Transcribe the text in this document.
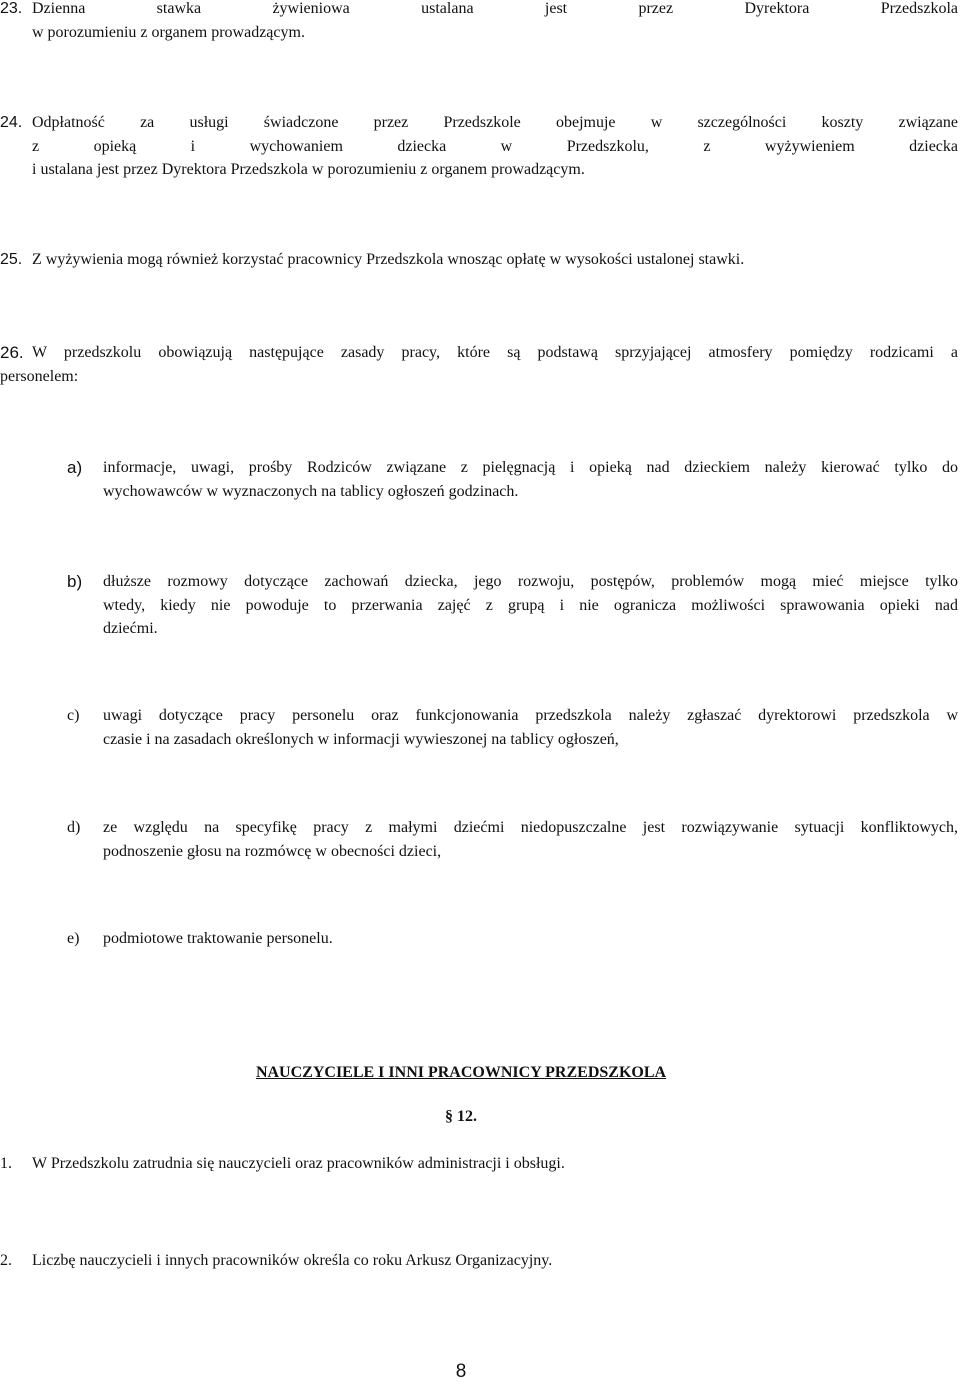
23. Dzienna stawka żywieniowa ustalana jest przez Dyrektora Przedszkola
w porozumieniu z organem prowadzącym.
24. Odpłatność za usługi świadczone przez Przedszkole obejmuje w szczególności koszty związane
z opieką i wychowaniem dziecka w Przedszkolu, z wyżywieniem dziecka
i ustalana jest przez Dyrektora Przedszkola w porozumieniu z organem prowadzącym.
25. Z wyżywienia mogą również korzystać pracownicy Przedszkola wnosząc opłatę w wysokości ustalonej stawki.
26. W przedszkolu obowiązują następujące zasady pracy, które są podstawą sprzyjającej atmosfery pomiędzy rodzicami a
personelem:
a) informacje, uwagi, prośby Rodziców związane z pielęgnacją i opieką nad dzieckiem należy kierować tylko do
wychowawców w wyznaczonych na tablicy ogłoszeń godzinach.
b) dłuższe rozmowy dotyczące zachowań dziecka, jego rozwoju, postępów, problemów mogą mieć miejsce tylko
wtedy, kiedy nie powoduje to przerwania zajęć z grupą i nie ogranicza możliwości sprawowania opieki nad
dziećmi.
c) uwagi dotyczące pracy personelu oraz funkcjonowania przedszkola należy zgłaszać dyrektorowi przedszkola w
czasie i na zasadach określonych w informacji wywieszonej na tablicy ogłoszeń,
d) ze względu na specyfikę pracy z małymi dziećmi niedopuszczalne jest rozwiązywanie sytuacji konfliktowych,
podnoszenie głosu na rozmówcę w obecności dzieci,
e) podmiotowe traktowanie personelu.
NAUCZYCIELE I INNI PRACOWNICY PRZEDSZKOLA
§ 12.
1. W Przedszkolu zatrudnia się nauczycieli oraz pracowników administracji i obsługi.
2. Liczbę nauczycieli i innych pracowników określa co roku Arkusz Organizacyjny.
8
